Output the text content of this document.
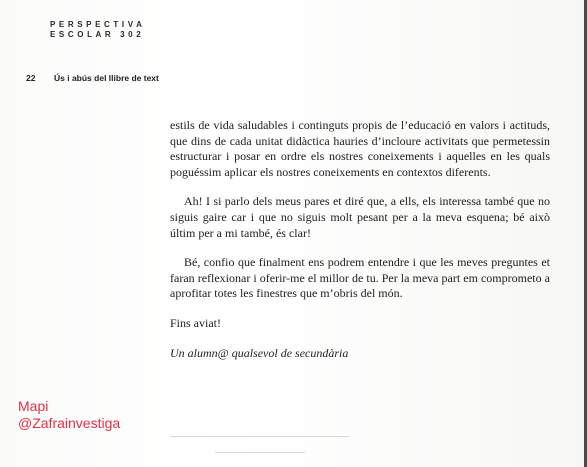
PERSPECTIVA
ESCOLAR 302
22 Ús i abús del llibre de text

estils de vida saludables i continguts propis de l’educació en valors i actituds, que dins de cada unitat didàctica hauries d’incloure activitats que permetessin estructurar i posar en ordre els nostres coneixements i aquelles en les quals poguéssim aplicar els nostres coneixements en contextos diferents.

Ah! I si parlo dels meus pares et diré que, a ells, els interessa també que no siguis gaire car i que no siguis molt pesant per a la meva esquena; bé això últim per a mi també, és clar!

Bé, confio que finalment ens podrem entendre i que les meves preguntes et faran reflexionar i oferir-me el millor de tu. Per la meva part em comprometo a aprofitar totes les finestres que m’obris del món.

Fins aviat!

Un alumn@ qualsevol de secundària

Mapi
@Zafrainvestiga
